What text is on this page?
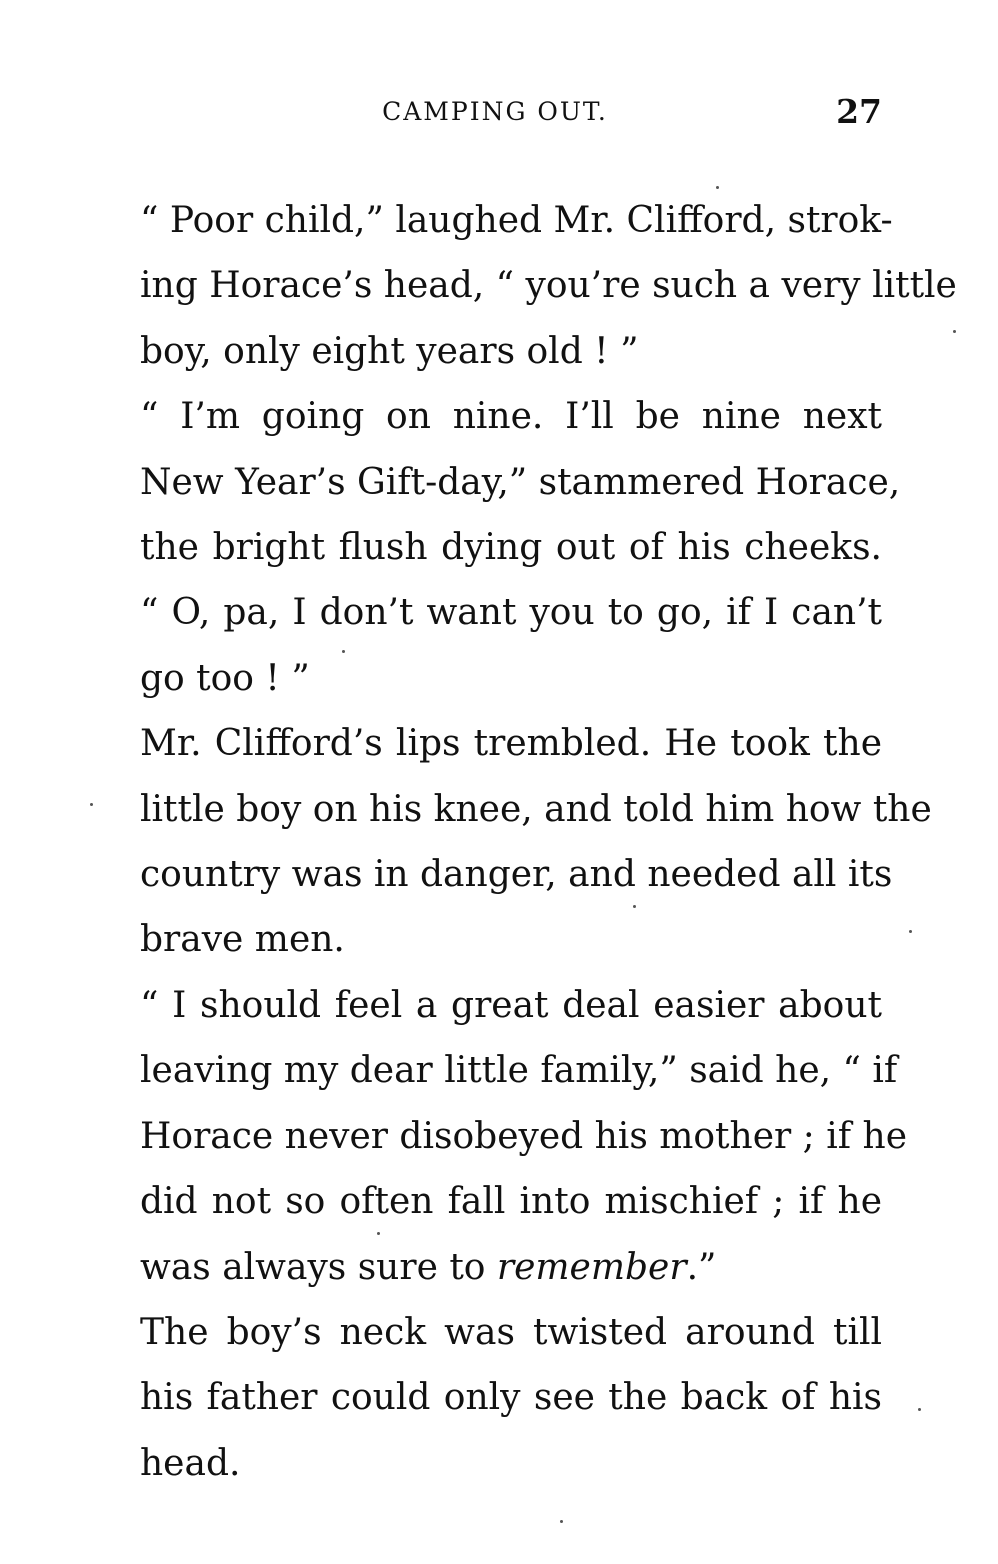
CAMPING OUT.	27

“ Poor child,” laughed Mr. Clifford, strok-
ing Horace’s head, “ you’re such a very little
boy, only eight years old ! ”

“ I’m going on nine. I’ll be nine next
New Year’s Gift-day,” stammered Horace,
the bright flush dying out of his cheeks.
“ O, pa, I don’t want you to go, if I can’t
go too ! ”

Mr. Clifford’s lips trembled. He took the
little boy on his knee, and told him how the
country was in danger, and needed all its
brave men.

“ I should feel a great deal easier about
leaving my dear little family,” said he, “ if
Horace never disobeyed his mother ; if he
did not so often fall into mischief ; if he
was always sure to remember.”

The boy’s neck was twisted around till
his father could only see the back of his
head.
